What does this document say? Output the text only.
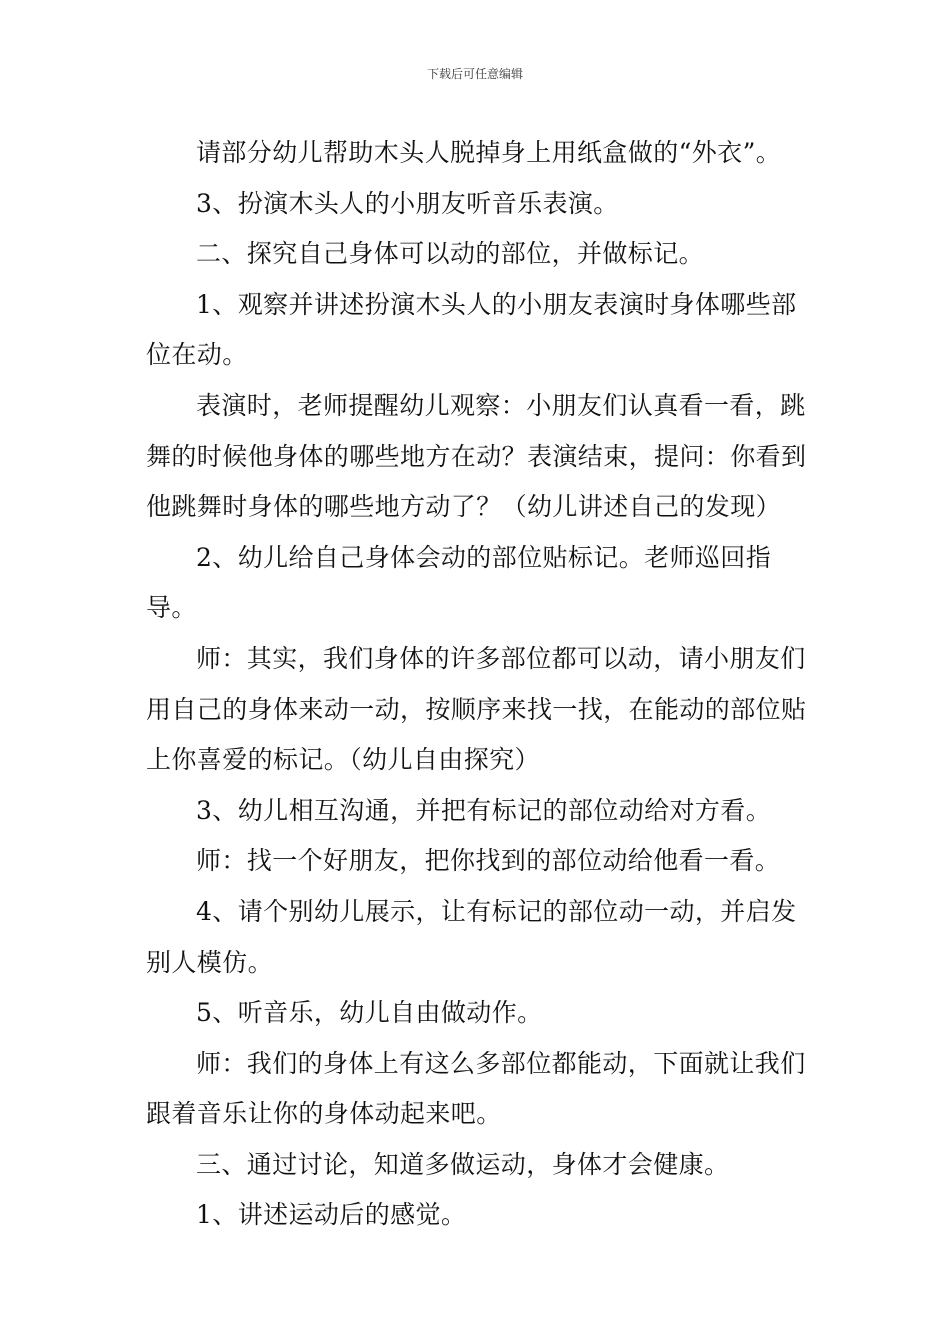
下载后可任意编辑

请部分幼儿帮助木头人脱掉身上用纸盒做的“外衣”。

3、扮演木头人的小朋友听音乐表演。

二、探究自己身体可以动的部位，并做标记。

1、观察并讲述扮演木头人的小朋友表演时身体哪些部位在动。

表演时，老师提醒幼儿观察：小朋友们认真看一看，跳舞的时候他身体的哪些地方在动？表演结束，提问：你看到他跳舞时身体的哪些地方动了？（幼儿讲述自己的发现）

2、幼儿给自己身体会动的部位贴标记。老师巡回指导。

师：其实，我们身体的许多部位都可以动，请小朋友们用自己的身体来动一动，按顺序来找一找，在能动的部位贴上你喜爱的标记。（幼儿自由探究）

3、幼儿相互沟通，并把有标记的部位动给对方看。

师：找一个好朋友，把你找到的部位动给他看一看。

4、请个别幼儿展示，让有标记的部位动一动，并启发别人模仿。

5、听音乐，幼儿自由做动作。

师：我们的身体上有这么多部位都能动，下面就让我们跟着音乐让你的身体动起来吧。

三、通过讨论，知道多做运动，身体才会健康。

1、讲述运动后的感觉。
